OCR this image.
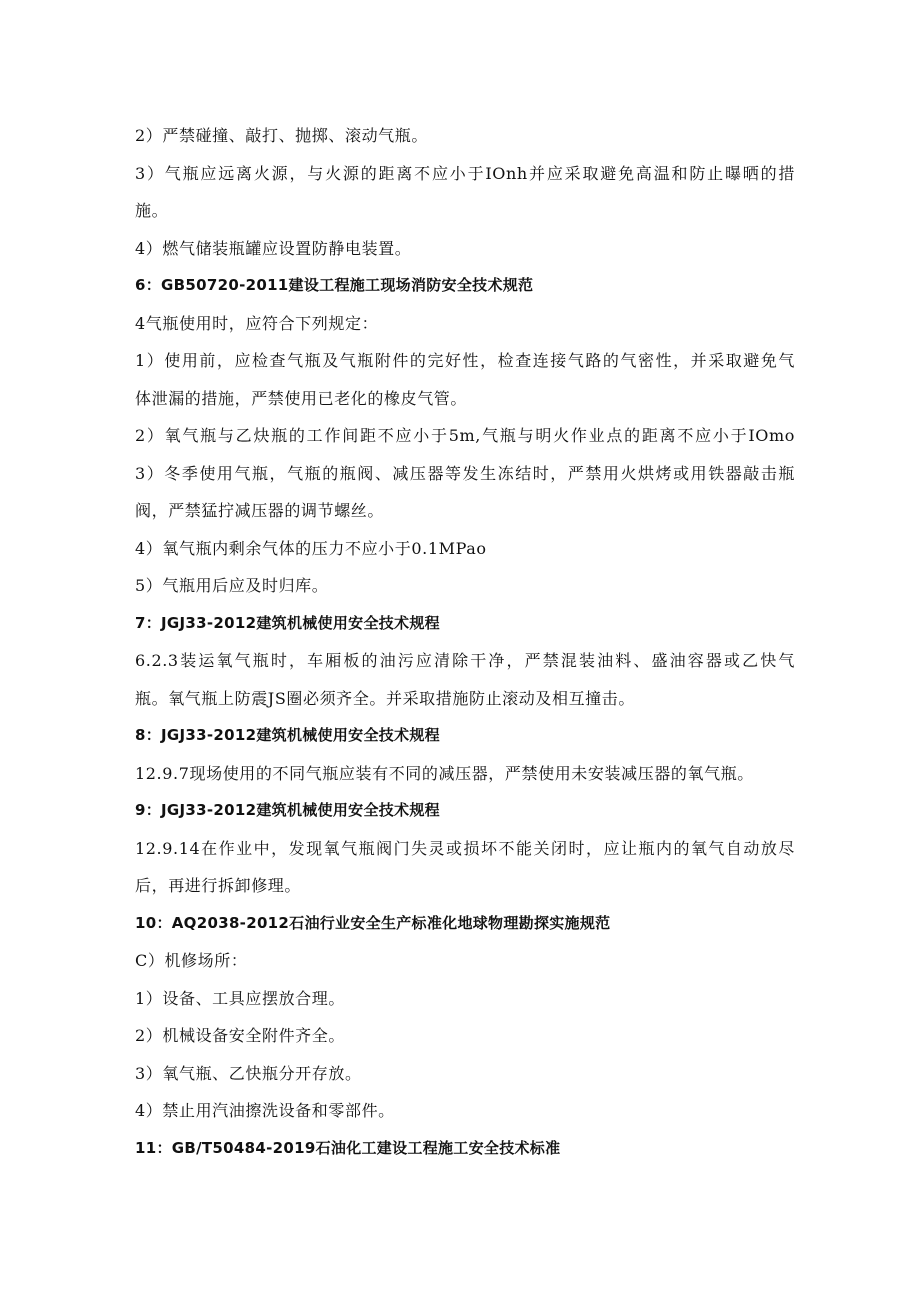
2）严禁碰撞、敲打、抛掷、滚动气瓶。
3）气瓶应远离火源，与火源的距离不应小于IOnh并应采取避免高温和防止曝晒的措
施。
4）燃气储装瓶罐应设置防静电装置。
6：GB50720-2011建设工程施工现场消防安全技术规范
4气瓶使用时，应符合下列规定：
1）使用前，应检查气瓶及气瓶附件的完好性，检查连接气路的气密性，并采取避免气
体泄漏的措施，严禁使用已老化的橡皮气管。
2）氧气瓶与乙炔瓶的工作间距不应小于5m,气瓶与明火作业点的距离不应小于IOmo
3）冬季使用气瓶，气瓶的瓶阀、减压器等发生冻结时，严禁用火烘烤或用铁器敲击瓶
阀，严禁猛拧减压器的调节螺丝。
4）氧气瓶内剩余气体的压力不应小于0.1MPao
5）气瓶用后应及时归库。
7：JGJ33-2012建筑机械使用安全技术规程
6.2.3装运氧气瓶时，车厢板的油污应清除干净，严禁混装油料、盛油容器或乙快气
瓶。氧气瓶上防震JS圈必须齐全。并采取措施防止滚动及相互撞击。
8：JGJ33-2012建筑机械使用安全技术规程
12.9.7现场使用的不同气瓶应装有不同的减压器，严禁使用未安装减压器的氧气瓶。
9：JGJ33-2012建筑机械使用安全技术规程
12.9.14在作业中，发现氧气瓶阀门失灵或损坏不能关闭时，应让瓶内的氧气自动放尽
后，再进行拆卸修理。
10：AQ2038-2012石油行业安全生产标准化地球物理勘探实施规范
C）机修场所：
1）设备、工具应摆放合理。
2）机械设备安全附件齐全。
3）氧气瓶、乙快瓶分开存放。
4）禁止用汽油擦洗设备和零部件。
11：GB/T50484-2019石油化工建设工程施工安全技术标准
